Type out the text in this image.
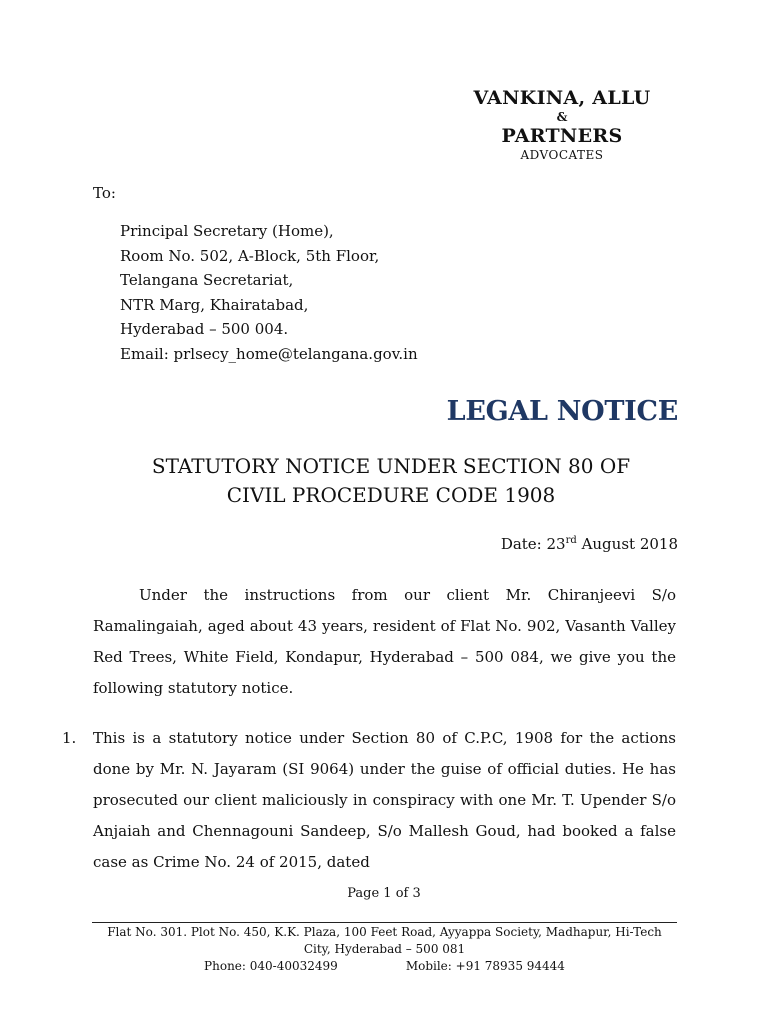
VANKINA, ALLU
&
PARTNERS
ADVOCATES
To:
Principal Secretary (Home),
Room No. 502, A-Block, 5th Floor,
Telangana Secretariat,
NTR Marg, Khairatabad,
Hyderabad – 500 004.
Email: prlsecy_home@telangana.gov.in
LEGAL NOTICE
STATUTORY NOTICE UNDER SECTION 80 OF
CIVIL PROCEDURE CODE 1908
Date: 23rd August 2018
Under the instructions from our client Mr. Chiranjeevi S/o Ramalingaiah, aged about 43 years, resident of Flat No. 902, Vasanth Valley Red Trees, White Field, Kondapur, Hyderabad – 500 084, we give you the following statutory notice.
1. This is a statutory notice under Section 80 of C.P.C, 1908 for the actions done by Mr. N. Jayaram (SI 9064) under the guise of official duties. He has prosecuted our client maliciously in conspiracy with one Mr. T. Upender S/o Anjaiah and Chennagouni Sandeep, S/o Mallesh Goud, had booked a false case as Crime No. 24 of 2015, dated
Page 1 of 3
Flat No. 301. Plot No. 450, K.K. Plaza, 100 Feet Road, Ayyappa Society, Madhapur, Hi-Tech City, Hyderabad – 500 081
Phone: 040-40032499	Mobile: +91 78935 94444
